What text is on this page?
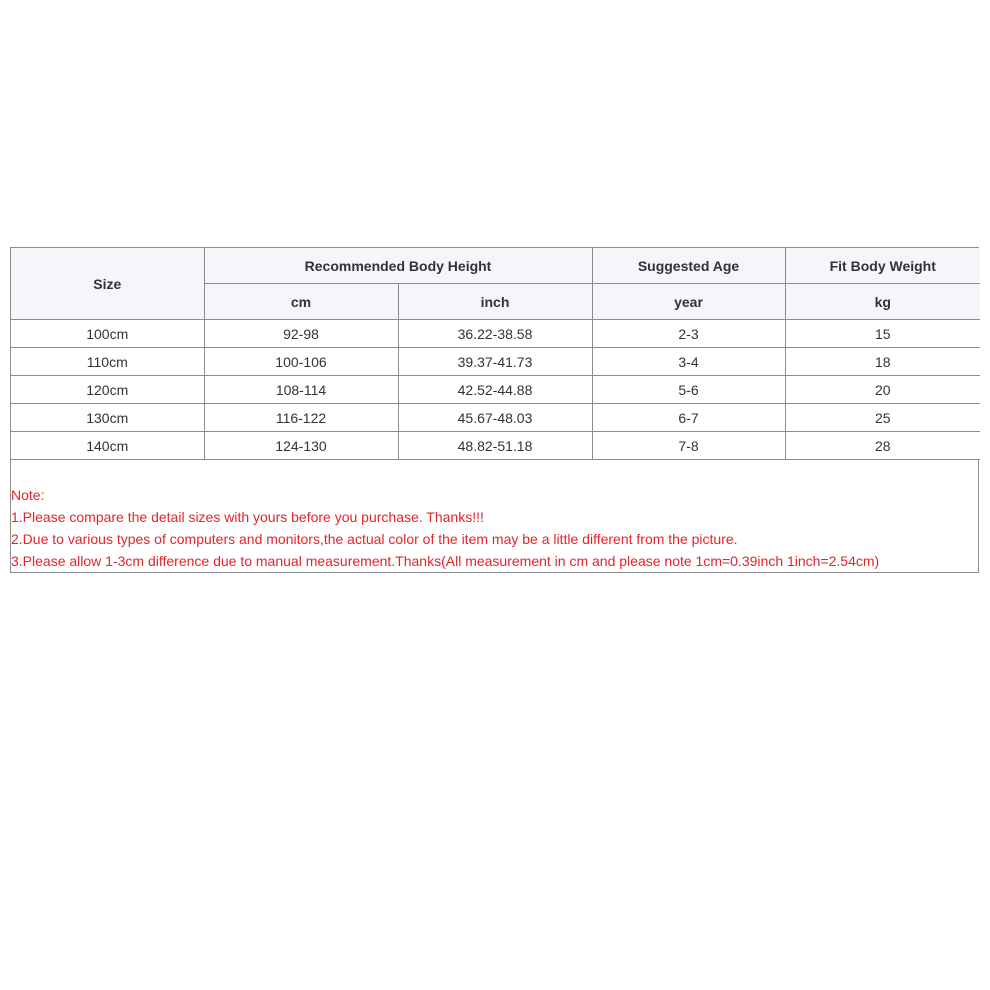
Size	Recommended Body Height		Suggested Age	Fit Body Weight
	cm	inch	year	kg
100cm	92-98	36.22-38.58	2-3	15
110cm	100-106	39.37-41.73	3-4	18
120cm	108-114	42.52-44.88	5-6	20
130cm	116-122	45.67-48.03	6-7	25
140cm	124-130	48.82-51.18	7-8	28
Note:
1.Please compare the detail sizes with yours before you purchase. Thanks!!!
2.Due to various types of computers and monitors,the actual color of the item may be a little different from the picture.
3.Please allow 1-3cm difference due to manual measurement.Thanks(All measurement in cm and please note 1cm=0.39inch 1inch=2.54cm)
